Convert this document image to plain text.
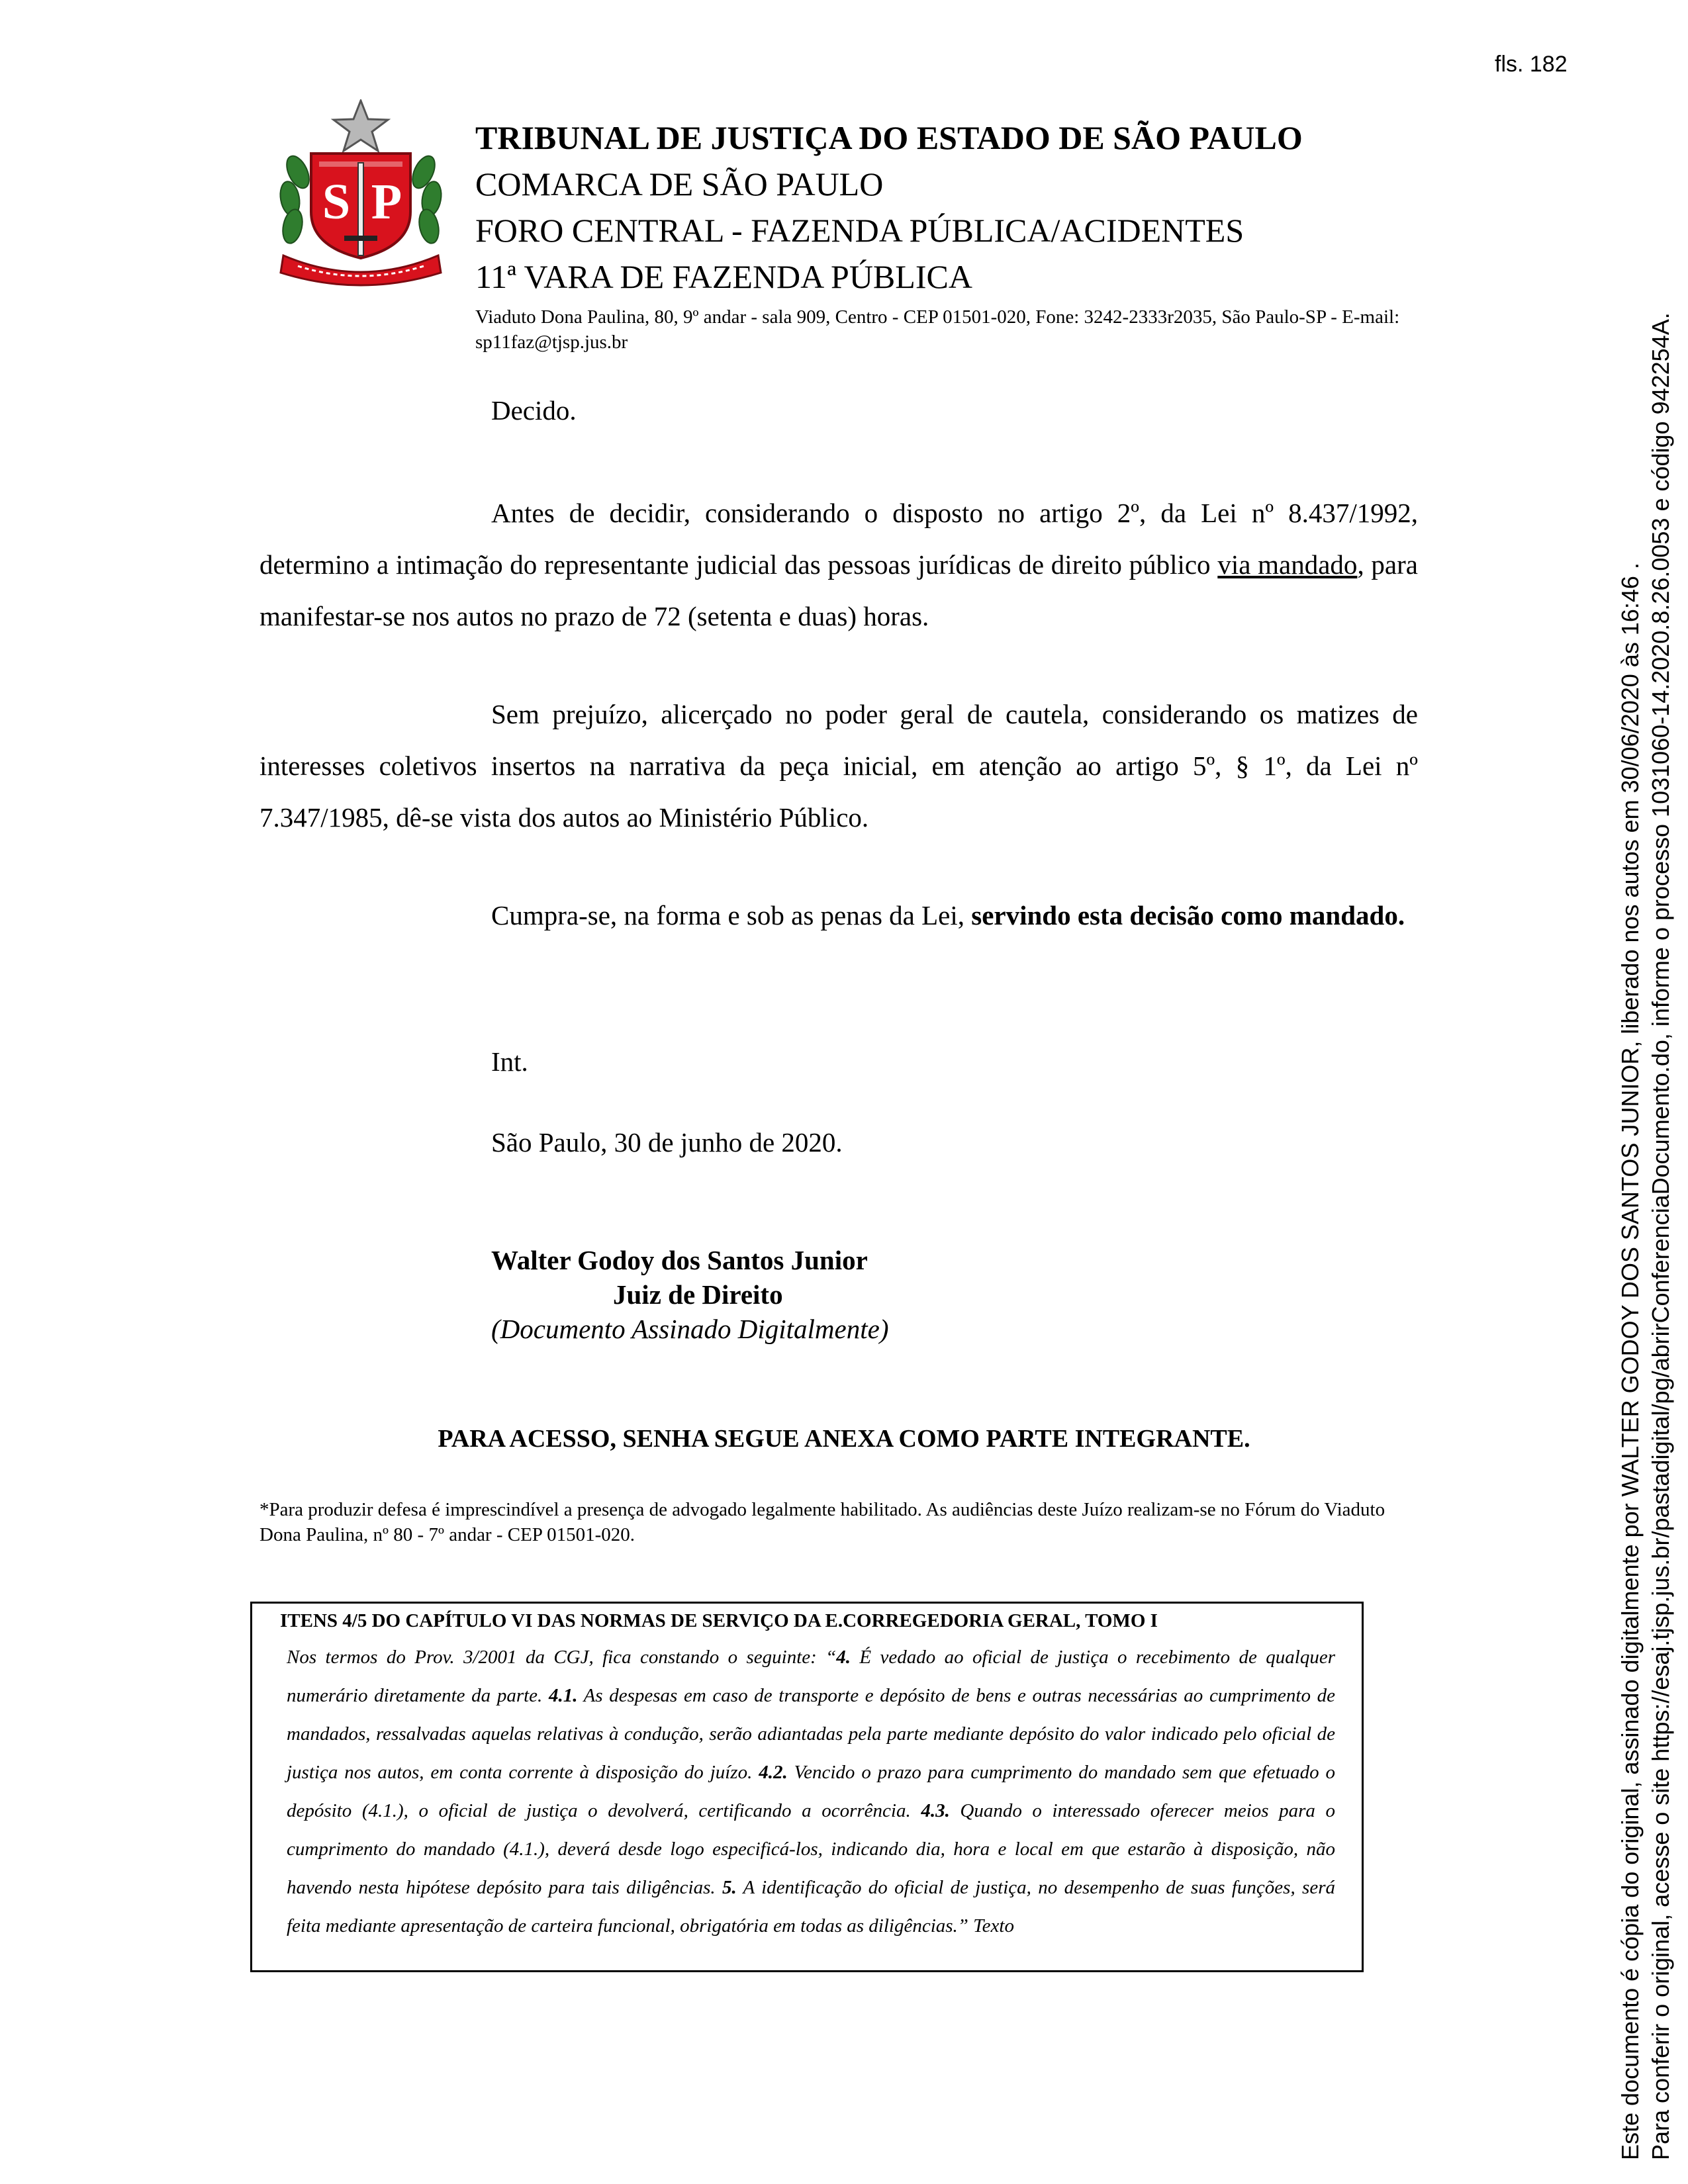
fls. 182
S P
TRIBUNAL DE JUSTIÇA DO ESTADO DE SÃO PAULO
COMARCA DE SÃO PAULO
FORO CENTRAL - FAZENDA PÚBLICA/ACIDENTES
11ª VARA DE FAZENDA PÚBLICA
Viaduto Dona Paulina, 80, 9º andar - sala 909, Centro - CEP 01501-020, Fone: 3242-2333r2035, São Paulo-SP - E-mail: sp11faz@tjsp.jus.br
Decido.
Antes de decidir, considerando o disposto no artigo 2º, da Lei nº 8.437/1992, determino a intimação do representante judicial das pessoas jurídicas de direito público via mandado, para manifestar-se nos autos no prazo de 72 (setenta e duas) horas.
Sem prejuízo, alicerçado no poder geral de cautela, considerando os matizes de interesses coletivos insertos na narrativa da peça inicial, em atenção ao artigo 5º, § 1º, da Lei nº 7.347/1985, dê-se vista dos autos ao Ministério Público.
Cumpra-se, na forma e sob as penas da Lei, servindo esta decisão como mandado.
Int.
São Paulo, 30 de junho de 2020.
Walter Godoy dos Santos Junior
Juiz de Direito
(Documento Assinado Digitalmente)
PARA ACESSO, SENHA SEGUE ANEXA COMO PARTE INTEGRANTE.
*Para produzir defesa é imprescindível a presença de advogado legalmente habilitado. As audiências deste Juízo realizam-se no Fórum do Viaduto Dona Paulina, nº 80 - 7º andar - CEP 01501-020.
ITENS 4/5 DO CAPÍTULO VI DAS NORMAS DE SERVIÇO DA E.CORREGEDORIA GERAL, TOMO I
Nos termos do Prov. 3/2001 da CGJ, fica constando o seguinte: “4. É vedado ao oficial de justiça o recebimento de qualquer numerário diretamente da parte. 4.1. As despesas em caso de transporte e depósito de bens e outras necessárias ao cumprimento de mandados, ressalvadas aquelas relativas à condução, serão adiantadas pela parte mediante depósito do valor indicado pelo oficial de justiça nos autos, em conta corrente à disposição do juízo. 4.2. Vencido o prazo para cumprimento do mandado sem que efetuado o depósito (4.1.), o oficial de justiça o devolverá, certificando a ocorrência. 4.3. Quando o interessado oferecer meios para o cumprimento do mandado (4.1.), deverá desde logo especificá-los, indicando dia, hora e local em que estarão à disposição, não havendo nesta hipótese depósito para tais diligências. 5. A identificação do oficial de justiça, no desempenho de suas funções, será feita mediante apresentação de carteira funcional, obrigatória em todas as diligências.” Texto	Este documento é cópia do original, assinado digitalmente por WALTER GODOY DOS SANTOS JUNIOR, liberado nos autos em 30/06/2020 às 16:46 . Para conferir o original, acesse o site https://esaj.tjsp.jus.br/pastadigital/pg/abrirConferenciaDocumento.do, informe o processo 1031060-14.2020.8.26.0053 e código 942254A.
